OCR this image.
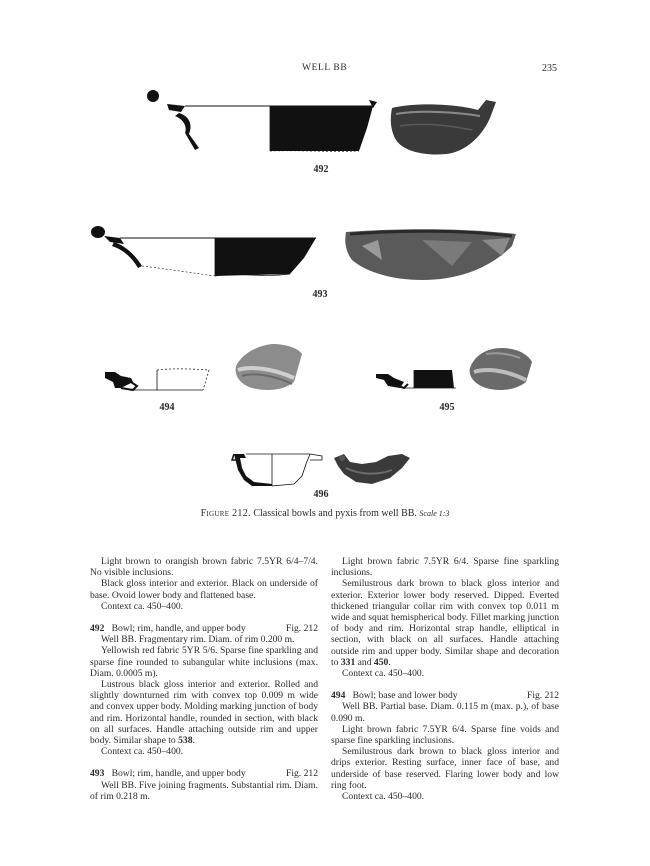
WELL BB	235
492
493
494	495
496
Figure 212. Classical bowls and pyxis from well BB. Scale 1:3

Light brown to orangish brown fabric 7.5YR 6/4–7/4. No visible inclusions.

Black gloss interior and exterior. Black on underside of base. Ovoid lower body and flattened base.

Context ca. 450–400.

492 Bowl; rim, handle, and upper body	Fig. 212

Well BB. Fragmentary rim. Diam. of rim 0.200 m.

Yellowish red fabric 5YR 5/6. Sparse fine sparkling and sparse fine rounded to subangular white inclusions (max. Diam. 0.0005 m).

Lustrous black gloss interior and exterior. Rolled and slightly downturned rim with convex top 0.009 m wide and convex upper body. Molding marking junction of body and rim. Horizontal handle, rounded in section, with black on all surfaces. Handle attaching outside rim and upper body. Similar shape to 538.

Context ca. 450–400.

493 Bowl; rim, handle, and upper body	Fig. 212

Well BB. Five joining fragments. Substantial rim. Diam. of rim 0.218 m.

Light brown fabric 7.5YR 6/4. Sparse fine sparkling inclusions.

Semilustrous dark brown to black gloss interior and exterior. Exterior lower body reserved. Dipped. Everted thickened triangular collar rim with convex top 0.011 m wide and squat hemispherical body. Fillet marking junction of body and rim. Horizontal strap handle, elliptical in section, with black on all surfaces. Handle attaching outside rim and upper body. Similar shape and decoration to 331 and 450.

Context ca. 450–400.

494 Bowl; base and lower body	Fig. 212

Well BB. Partial base. Diam. 0.115 m (max. p.), of base 0.090 m.

Light brown fabric 7.5YR 6/4. Sparse fine voids and sparse fine sparkling inclusions.

Semilustrous dark brown to black gloss interior and drips exterior. Resting surface, inner face of base, and underside of base reserved. Flaring lower body and low ring foot.

Context ca. 450–400.
